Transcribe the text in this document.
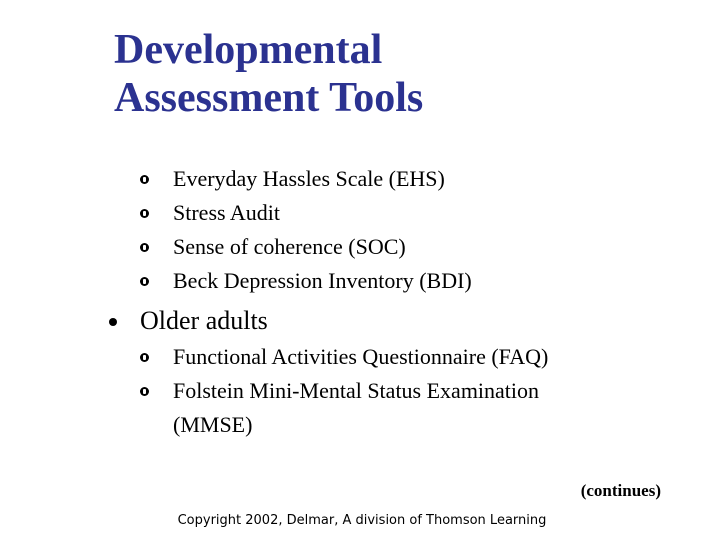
Developmental
Assessment Tools
Everyday Hassles Scale (EHS)
Stress Audit
Sense of coherence (SOC)
Beck Depression Inventory (BDI)
Older adults
Functional Activities Questionnaire (FAQ)
Folstein Mini-Mental Status Examination (MMSE)
(continues)
Copyright 2002, Delmar, A division of Thomson Learning
